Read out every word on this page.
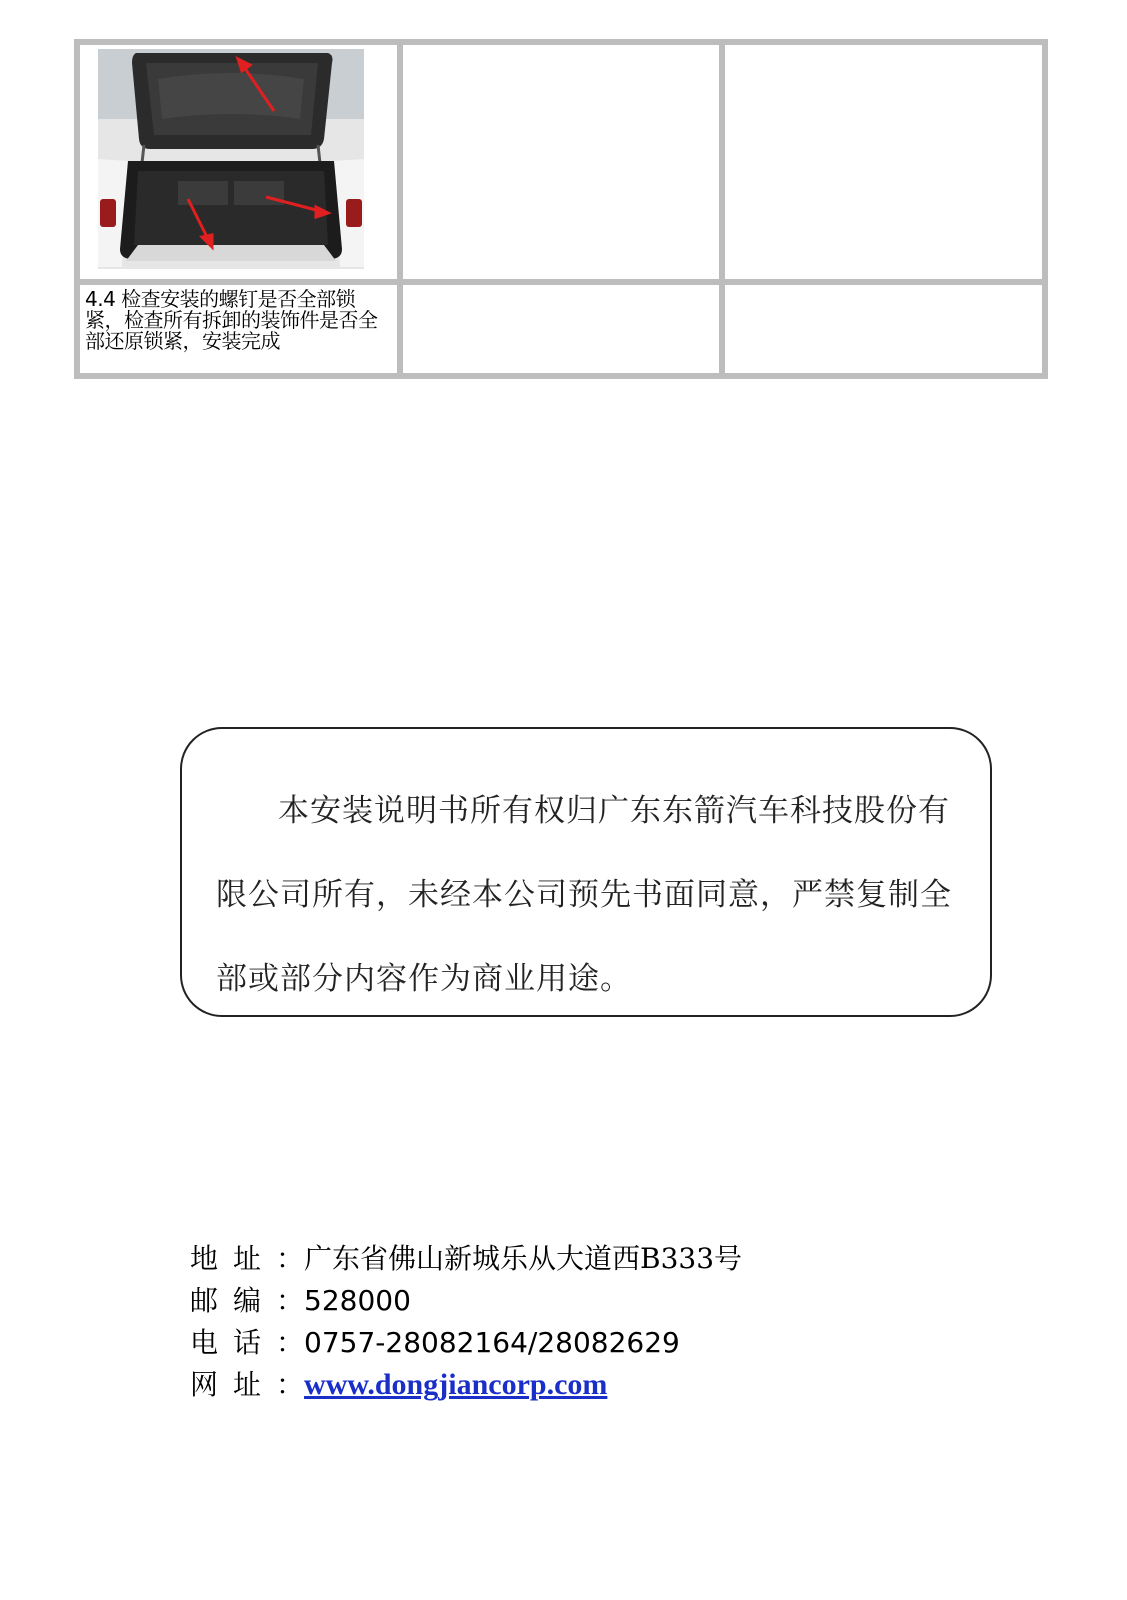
4.4 检查安装的螺钉是否全部锁紧，检查所有拆卸的装饰件是否全部还原锁紧，安装完成		

本安装说明书所有权归广东东箭汽车科技股份有限公司所有，未经本公司预先书面同意，严禁复制全部或部分内容作为商业用途。

地址：广东省佛山新城乐从大道西B333号
邮编：528000
电话：0757-28082164/28082629
网址：www.dongjiancorp.com
